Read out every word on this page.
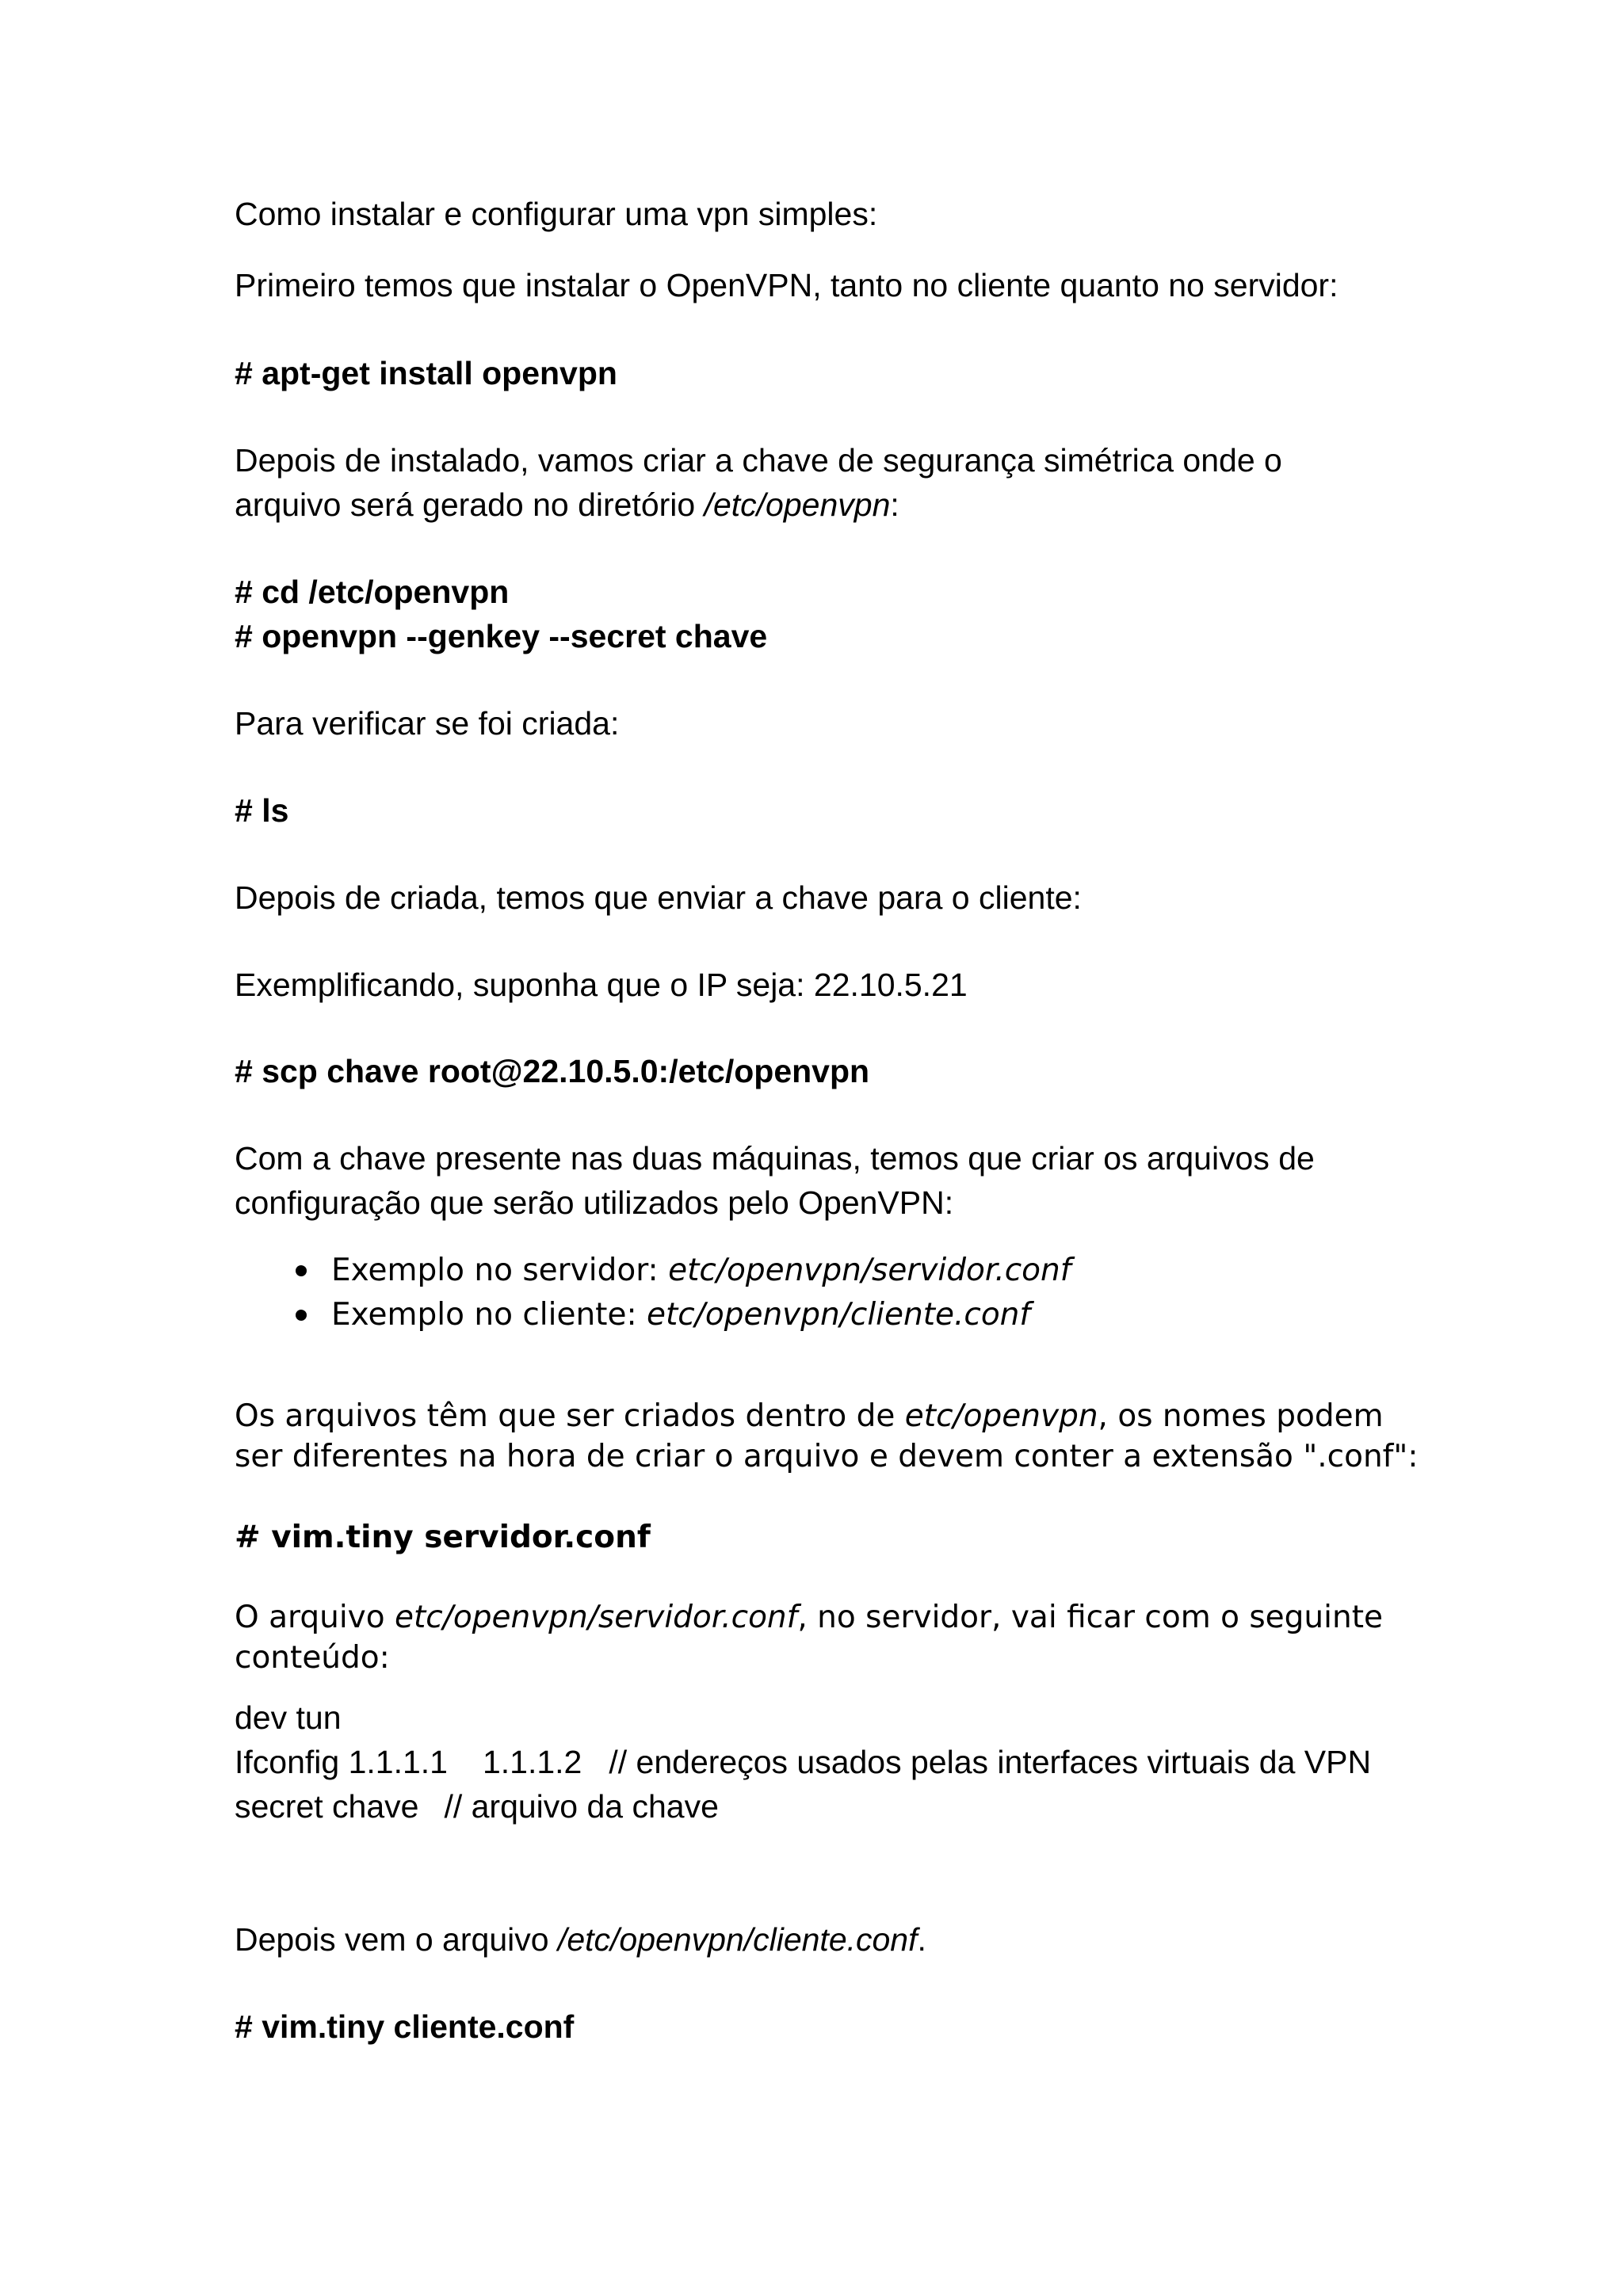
Como instalar e configurar uma vpn simples:

Primeiro temos que instalar o OpenVPN, tanto no cliente quanto no servidor:

# apt-get install openvpn

Depois de instalado, vamos criar a chave de segurança simétrica onde o
arquivo será gerado no diretório /etc/openvpn:

# cd /etc/openvpn
# openvpn --genkey --secret chave

Para verificar se foi criada:

# ls

Depois de criada, temos que enviar a chave para o cliente:

Exemplificando, suponha que o IP seja: 22.10.5.21

# scp chave root@22.10.5.0:/etc/openvpn

Com a chave presente nas duas máquinas, temos que criar os arquivos de
configuração que serão utilizados pelo OpenVPN:

Exemplo no servidor: etc/openvpn/servidor.conf
Exemplo no cliente: etc/openvpn/cliente.conf

Os arquivos têm que ser criados dentro de etc/openvpn, os nomes podem
ser diferentes na hora de criar o arquivo e devem conter a extensão ".conf":

# vim.tiny servidor.conf

O arquivo etc/openvpn/servidor.conf, no servidor, vai ficar com o seguinte
conteúdo:

dev tun
Ifconfig 1.1.1.1 1.1.1.2 // endereços usados pelas interfaces virtuais da VPN
secret chave // arquivo da chave

Depois vem o arquivo /etc/openvpn/cliente.conf.

# vim.tiny cliente.conf
